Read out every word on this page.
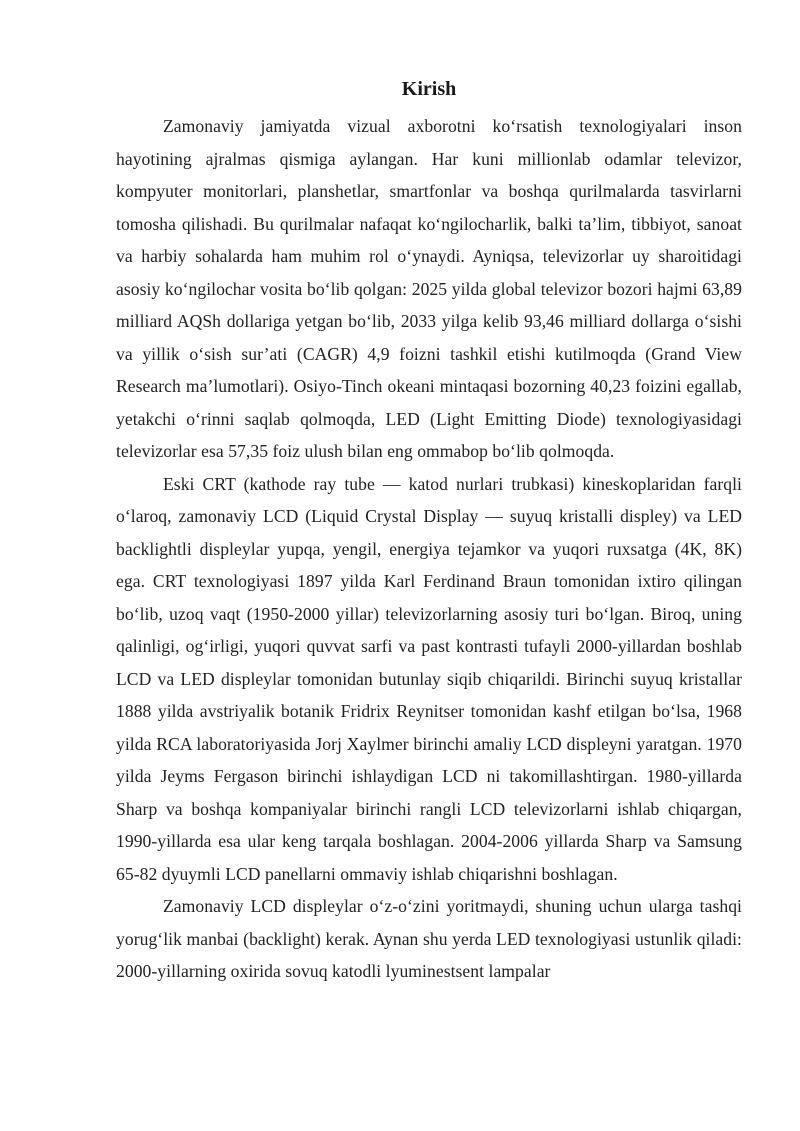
Kirish

Zamonaviy jamiyatda vizual axborotni ko‘rsatish texnologiyalari inson hayotining ajralmas qismiga aylangan. Har kuni millionlab odamlar televizor, kompyuter monitorlari, planshetlar, smartfonlar va boshqa qurilmalarda tasvirlarni tomosha qilishadi. Bu qurilmalar nafaqat ko‘ngilocharlik, balki ta’lim, tibbiyot, sanoat va harbiy sohalarda ham muhim rol o‘ynaydi. Ayniqsa, televizorlar uy sharoitidagi asosiy ko‘ngilochar vosita bo‘lib qolgan: 2025 yilda global televizor bozori hajmi 63,89 milliard AQSh dollariga yetgan bo‘lib, 2033 yilga kelib 93,46 milliard dollarga o‘sishi va yillik o‘sish sur’ati (CAGR) 4,9 foizni tashkil etishi kutilmoqda (Grand View Research ma’lumotlari). Osiyo-Tinch okeani mintaqasi bozorning 40,23 foizini egallab, yetakchi o‘rinni saqlab qolmoqda, LED (Light Emitting Diode) texnologiyasidagi televizorlar esa 57,35 foiz ulush bilan eng ommabop bo‘lib qolmoqda.

Eski CRT (kathode ray tube — katod nurlari trubkasi) kineskoplaridan farqli o‘laroq, zamonaviy LCD (Liquid Crystal Display — suyuq kristalli displey) va LED backlightli displeylar yupqa, yengil, energiya tejamkor va yuqori ruxsatga (4K, 8K) ega. CRT texnologiyasi 1897 yilda Karl Ferdinand Braun tomonidan ixtiro qilingan bo‘lib, uzoq vaqt (1950-2000 yillar) televizorlarning asosiy turi bo‘lgan. Biroq, uning qalinligi, og‘irligi, yuqori quvvat sarfi va past kontrasti tufayli 2000-yillardan boshlab LCD va LED displeylar tomonidan butunlay siqib chiqarildi. Birinchi suyuq kristallar 1888 yilda avstriyalik botanik Fridrix Reynitser tomonidan kashf etilgan bo‘lsa, 1968 yilda RCA laboratoriyasida Jorj Xaylmer birinchi amaliy LCD displeyni yaratgan. 1970 yilda Jeyms Fergason birinchi ishlaydigan LCD ni takomillashtirgan. 1980-yillarda Sharp va boshqa kompaniyalar birinchi rangli LCD televizorlarni ishlab chiqargan, 1990-yillarda esa ular keng tarqala boshlagan. 2004-2006 yillarda Sharp va Samsung 65-82 dyuymli LCD panellarni ommaviy ishlab chiqarishni boshlagan.

Zamonaviy LCD displeylar o‘z-o‘zini yoritmaydi, shuning uchun ularga tashqi yorug‘lik manbai (backlight) kerak. Aynan shu yerda LED texnologiyasi ustunlik qiladi: 2000-yillarning oxirida sovuq katodli lyuminestsent lampalar
